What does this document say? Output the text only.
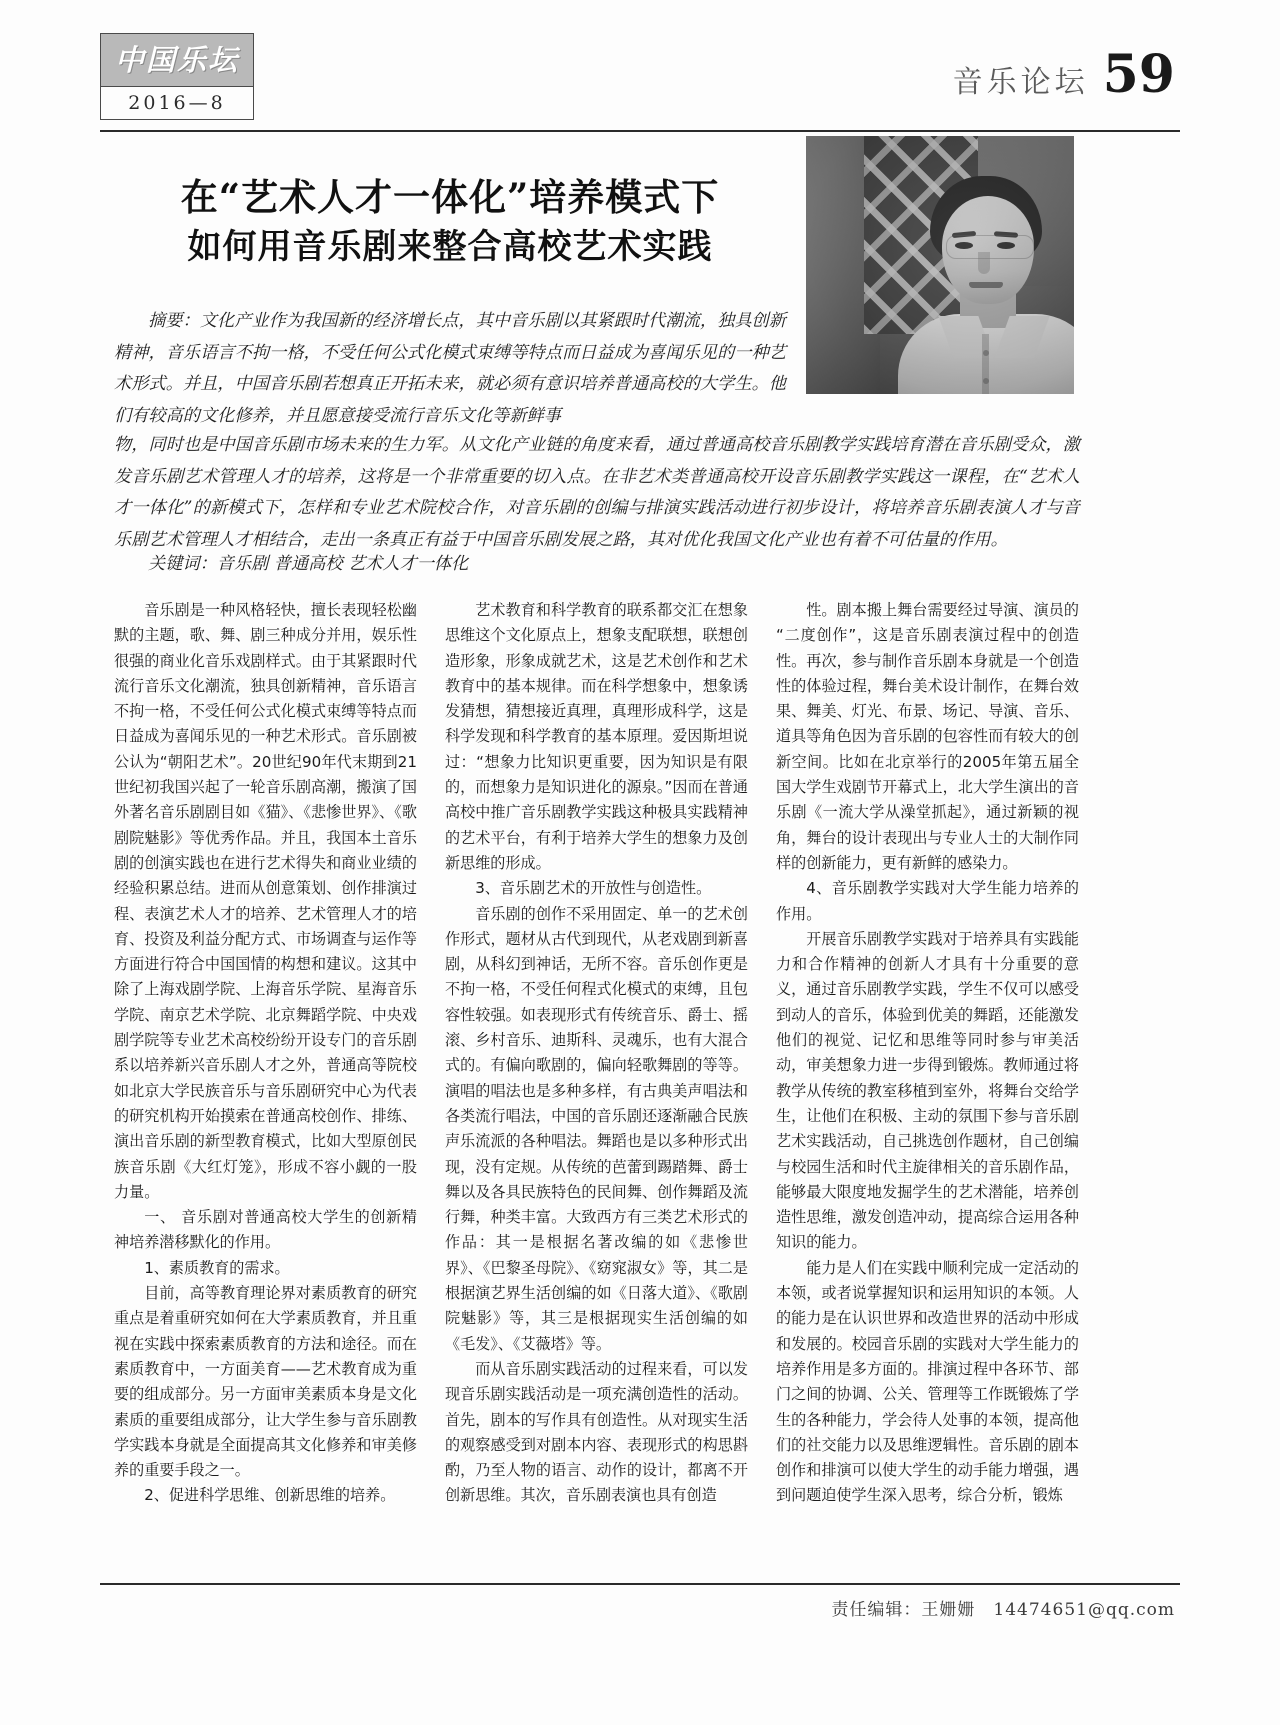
中国乐坛
2016—8
音乐论坛 59
在“艺术人才一体化”培养模式下
如何用音乐剧来整合高校艺术实践
摘要：文化产业作为我国新的经济增长点，其中音乐剧以其紧跟时代潮流，独具创新精神，音乐语言不拘一格，不受任何公式化模式束缚等特点而日益成为喜闻乐见的一种艺术形式。并且，中国音乐剧若想真正开拓未来，就必须有意识培养普通高校的大学生。他们有较高的文化修养，并且愿意接受流行音乐文化等新鲜事
物，同时也是中国音乐剧市场未来的生力军。从文化产业链的角度来看，通过普通高校音乐剧教学实践培育潜在音乐剧受众，激发音乐剧艺术管理人才的培养，这将是一个非常重要的切入点。在非艺术类普通高校开设音乐剧教学实践这一课程，在“艺术人才一体化”的新模式下，怎样和专业艺术院校合作，对音乐剧的创编与排演实践活动进行初步设计，将培养音乐剧表演人才与音乐剧艺术管理人才相结合，走出一条真正有益于中国音乐剧发展之路，其对优化我国文化产业也有着不可估量的作用。
关键词：音乐剧 普通高校 艺术人才一体化

音乐剧是一种风格轻快，擅长表现轻松幽默的主题，歌、舞、剧三种成分并用，娱乐性很强的商业化音乐戏剧样式。由于其紧跟时代流行音乐文化潮流，独具创新精神，音乐语言不拘一格，不受任何公式化模式束缚等特点而日益成为喜闻乐见的一种艺术形式。音乐剧被公认为“朝阳艺术”。20世纪90年代末期到21世纪初我国兴起了一轮音乐剧高潮，搬演了国外著名音乐剧剧目如《猫》、《悲惨世界》、《歌剧院魅影》等优秀作品。并且，我国本土音乐剧的创演实践也在进行艺术得失和商业业绩的经验积累总结。进而从创意策划、创作排演过程、表演艺术人才的培养、艺术管理人才的培育、投资及利益分配方式、市场调查与运作等方面进行符合中国国情的构想和建议。这其中除了上海戏剧学院、上海音乐学院、星海音乐学院、南京艺术学院、北京舞蹈学院、中央戏剧学院等专业艺术高校纷纷开设专门的音乐剧系以培养新兴音乐剧人才之外，普通高等院校如北京大学民族音乐与音乐剧研究中心为代表的研究机构开始摸索在普通高校创作、排练、演出音乐剧的新型教育模式，比如大型原创民族音乐剧《大红灯笼》，形成不容小觑的一股力量。

一、 音乐剧对普通高校大学生的创新精神培养潜移默化的作用。

1、素质教育的需求。

目前，高等教育理论界对素质教育的研究重点是着重研究如何在大学素质教育，并且重视在实践中探索素质教育的方法和途径。而在素质教育中，一方面美育——艺术教育成为重要的组成部分。另一方面审美素质本身是文化素质的重要组成部分，让大学生参与音乐剧教学实践本身就是全面提高其文化修养和审美修养的重要手段之一。

2、促进科学思维、创新思维的培养。

艺术教育和科学教育的联系都交汇在想象思维这个文化原点上，想象支配联想，联想创造形象，形象成就艺术，这是艺术创作和艺术教育中的基本规律。而在科学想象中，想象诱发猜想，猜想接近真理，真理形成科学，这是科学发现和科学教育的基本原理。爱因斯坦说过：“想象力比知识更重要，因为知识是有限的，而想象力是知识进化的源泉。”因而在普通高校中推广音乐剧教学实践这种极具实践精神的艺术平台，有利于培养大学生的想象力及创新思维的形成。

3、音乐剧艺术的开放性与创造性。

音乐剧的创作不采用固定、单一的艺术创作形式，题材从古代到现代，从老戏剧到新喜剧，从科幻到神话，无所不容。音乐创作更是不拘一格，不受任何程式化模式的束缚，且包容性较强。如表现形式有传统音乐、爵士、摇滚、乡村音乐、迪斯科、灵魂乐，也有大混合式的。有偏向歌剧的，偏向轻歌舞剧的等等。演唱的唱法也是多种多样，有古典美声唱法和各类流行唱法，中国的音乐剧还逐渐融合民族声乐流派的各种唱法。舞蹈也是以多种形式出现，没有定规。从传统的芭蕾到踢踏舞、爵士舞以及各具民族特色的民间舞、创作舞蹈及流行舞，种类丰富。大致西方有三类艺术形式的作品：其一是根据名著改编的如《悲惨世界》、《巴黎圣母院》、《窈窕淑女》等，其二是根据演艺界生活创编的如《日落大道》、《歌剧院魅影》等，其三是根据现实生活创编的如《毛发》、《艾薇塔》等。

而从音乐剧实践活动的过程来看，可以发现音乐剧实践活动是一项充满创造性的活动。首先，剧本的写作具有创造性。从对现实生活的观察感受到对剧本内容、表现形式的构思斟酌，乃至人物的语言、动作的设计，都离不开创新思维。其次，音乐剧表演也具有创造

性。剧本搬上舞台需要经过导演、演员的“二度创作”，这是音乐剧表演过程中的创造性。再次，参与制作音乐剧本身就是一个创造性的体验过程，舞台美术设计制作，在舞台效果、舞美、灯光、布景、场记、导演、音乐、道具等角色因为音乐剧的包容性而有较大的创新空间。比如在北京举行的2005年第五届全国大学生戏剧节开幕式上，北大学生演出的音乐剧《一流大学从澡堂抓起》，通过新颖的视角，舞台的设计表现出与专业人士的大制作同样的创新能力，更有新鲜的感染力。

4、音乐剧教学实践对大学生能力培养的作用。

开展音乐剧教学实践对于培养具有实践能力和合作精神的创新人才具有十分重要的意义，通过音乐剧教学实践，学生不仅可以感受到动人的音乐，体验到优美的舞蹈，还能激发他们的视觉、记忆和思维等同时参与审美活动，审美想象力进一步得到锻炼。教师通过将教学从传统的教室移植到室外，将舞台交给学生，让他们在积极、主动的氛围下参与音乐剧艺术实践活动，自己挑选创作题材，自己创编与校园生活和时代主旋律相关的音乐剧作品，能够最大限度地发掘学生的艺术潜能，培养创造性思维，激发创造冲动，提高综合运用各种知识的能力。

能力是人们在实践中顺利完成一定活动的本领，或者说掌握知识和运用知识的本领。人的能力是在认识世界和改造世界的活动中形成和发展的。校园音乐剧的实践对大学生能力的培养作用是多方面的。排演过程中各环节、部门之间的协调、公关、管理等工作既锻炼了学生的各种能力，学会待人处事的本领，提高他们的社交能力以及思维逻辑性。音乐剧的剧本创作和排演可以使大学生的动手能力增强，遇到问题迫使学生深入思考，综合分析，锻炼

责任编辑：王姗姗 14474651@qq.com
